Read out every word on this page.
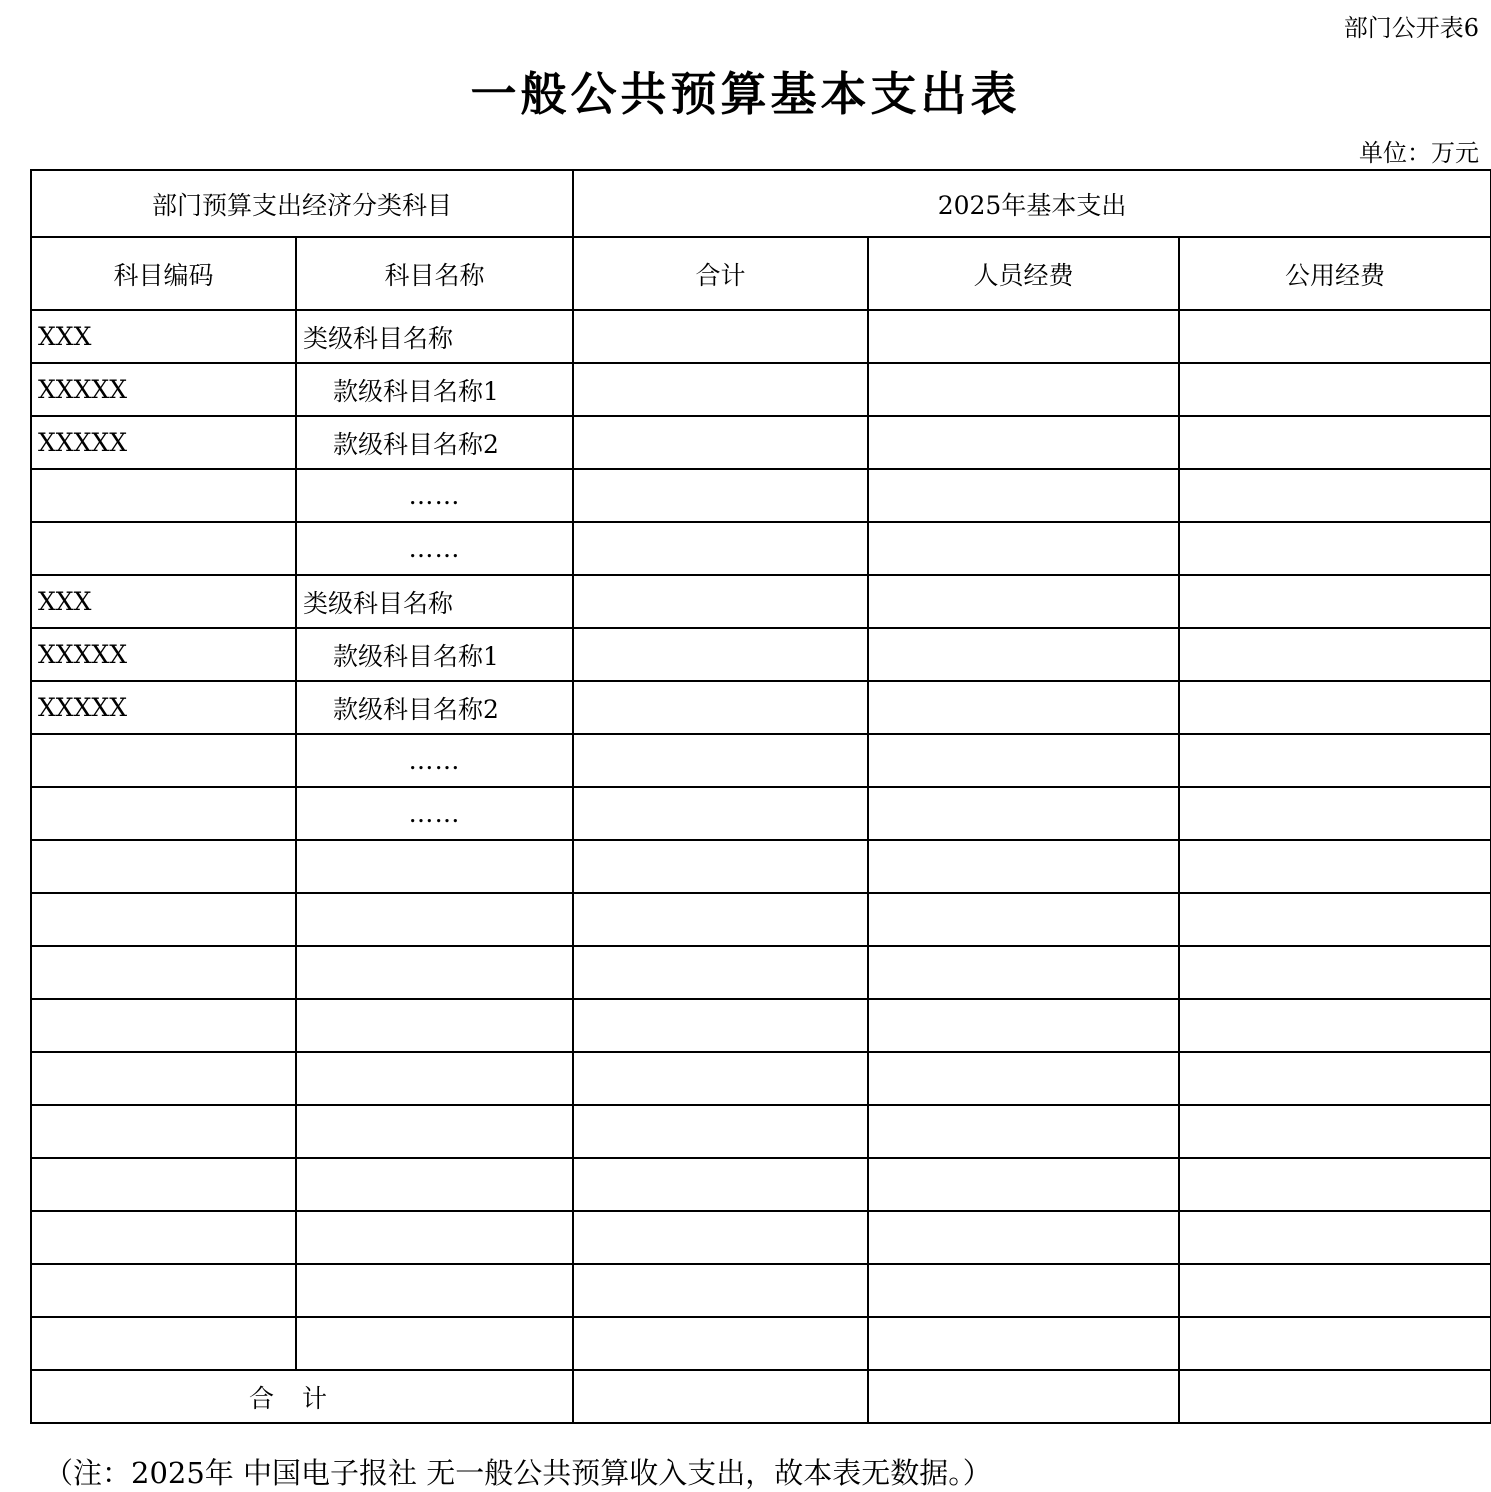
部门公开表6
一般公共预算基本支出表
单位：万元
部门预算支出经济分类科目		2025年基本支出		
科目编码	科目名称	合计	人员经费	公用经费
XXX	类级科目名称			
XXXXX	款级科目名称1			
XXXXX	款级科目名称2			
	……			
	……			
XXX	类级科目名称			
XXXXX	款级科目名称1			
XXXXX	款级科目名称2			
	……			
	……			

合计				
（注：2025年 中国电子报社 无一般公共预算收入支出，故本表无数据。）
